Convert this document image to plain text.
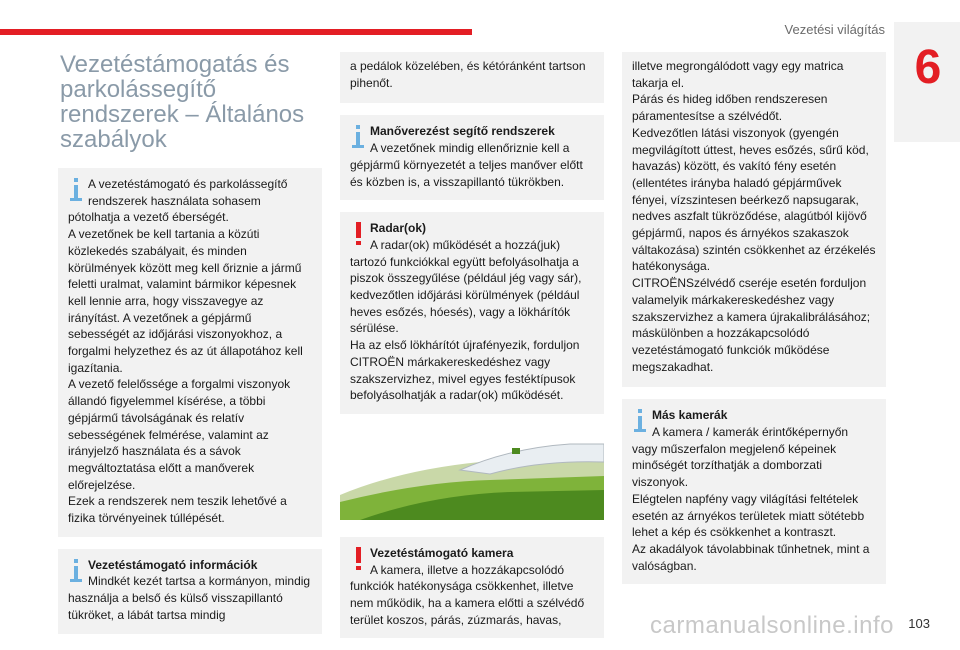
Vezetési világítás
6
Vezetéstámogatás és parkolássegítő rendszerek – Általános szabályok

A vezetéstámogató és parkolássegítő rendszerek használata sohasem pótolhatja a vezető éberségét.

A vezetőnek be kell tartania a közúti közlekedés szabályait, és minden körülmények között meg kell őriznie a jármű feletti uralmat, valamint bármikor képesnek kell lennie arra, hogy visszavegye az irányítást. A vezetőnek a gépjármű sebességét az időjárási viszonyokhoz, a forgalmi helyzethez és az út állapotához kell igazítania.

A vezető felelőssége a forgalmi viszonyok állandó figyelemmel kísérése, a többi gépjármű távolságának és relatív sebességének felmérése, valamint az irányjelző használata és a sávok megváltoztatása előtt a manőverek előrejelzése.

Ezek a rendszerek nem teszik lehetővé a fizika törvényeinek túllépését.

Vezetéstámogató információk

Mindkét kezét tartsa a kormányon, mindig használja a belső és külső visszapillantó tükröket, a lábát tartsa mindig

a pedálok közelében, és kétóránként tartson pihenőt.

Manőverezést segítő rendszerek

A vezetőnek mindig ellenőriznie kell a gépjármű környezetét a teljes manőver előtt és közben is, a visszapillantó tükrökben.

Radar(ok)

A radar(ok) működését a hozzá(juk) tartozó funkciókkal együtt befolyásolhatja a piszok összegyűlése (például jég vagy sár), kedvezőtlen időjárási körülmények (például heves esőzés, hóesés), vagy a lökhárítók sérülése.

Ha az első lökhárítót újrafényezik, forduljon CITROËN márkakereskedéshez vagy szakszervizhez, mivel egyes festéktípusok befolyásolhatják a radar(ok) működését.

Vezetéstámogató kamera

A kamera, illetve a hozzákapcsolódó funkciók hatékonysága csökkenhet, illetve nem működik, ha a kamera előtti a szélvédő terület koszos, párás, zúzmarás, havas,

illetve megrongálódott vagy egy matrica takarja el.

Párás és hideg időben rendszeresen páramentesítse a szélvédőt.

Kedvezőtlen látási viszonyok (gyengén megvilágított úttest, heves esőzés, sűrű köd, havazás) között, és vakító fény esetén (ellentétes irányba haladó gépjárművek fényei, vízszintesen beérkező napsugarak, nedves aszfalt tükröződése, alagútból kijövő gépjármű, napos és árnyékos szakaszok váltakozása) szintén csökkenhet az érzékelés hatékonysága.

CITROËNSzélvédő cseréje esetén forduljon valamelyik márkakereskedéshez vagy szakszervizhez a kamera újrakalibrálásához; máskülönben a hozzákapcsolódó vezetéstámogató funkciók működése megszakadhat.

Más kamerák

A kamera / kamerák érintőképernyőn vagy műszerfalon megjelenő képeinek minőségét torzíthatják a domborzati viszonyok.

Elégtelen napfény vagy világítási feltételek esetén az árnyékos területek miatt sötétebb lehet a kép és csökkenhet a kontraszt.

Az akadályok távolabbinak tűnhetnek, mint a valóságban.

carmanualsonline.info 103
